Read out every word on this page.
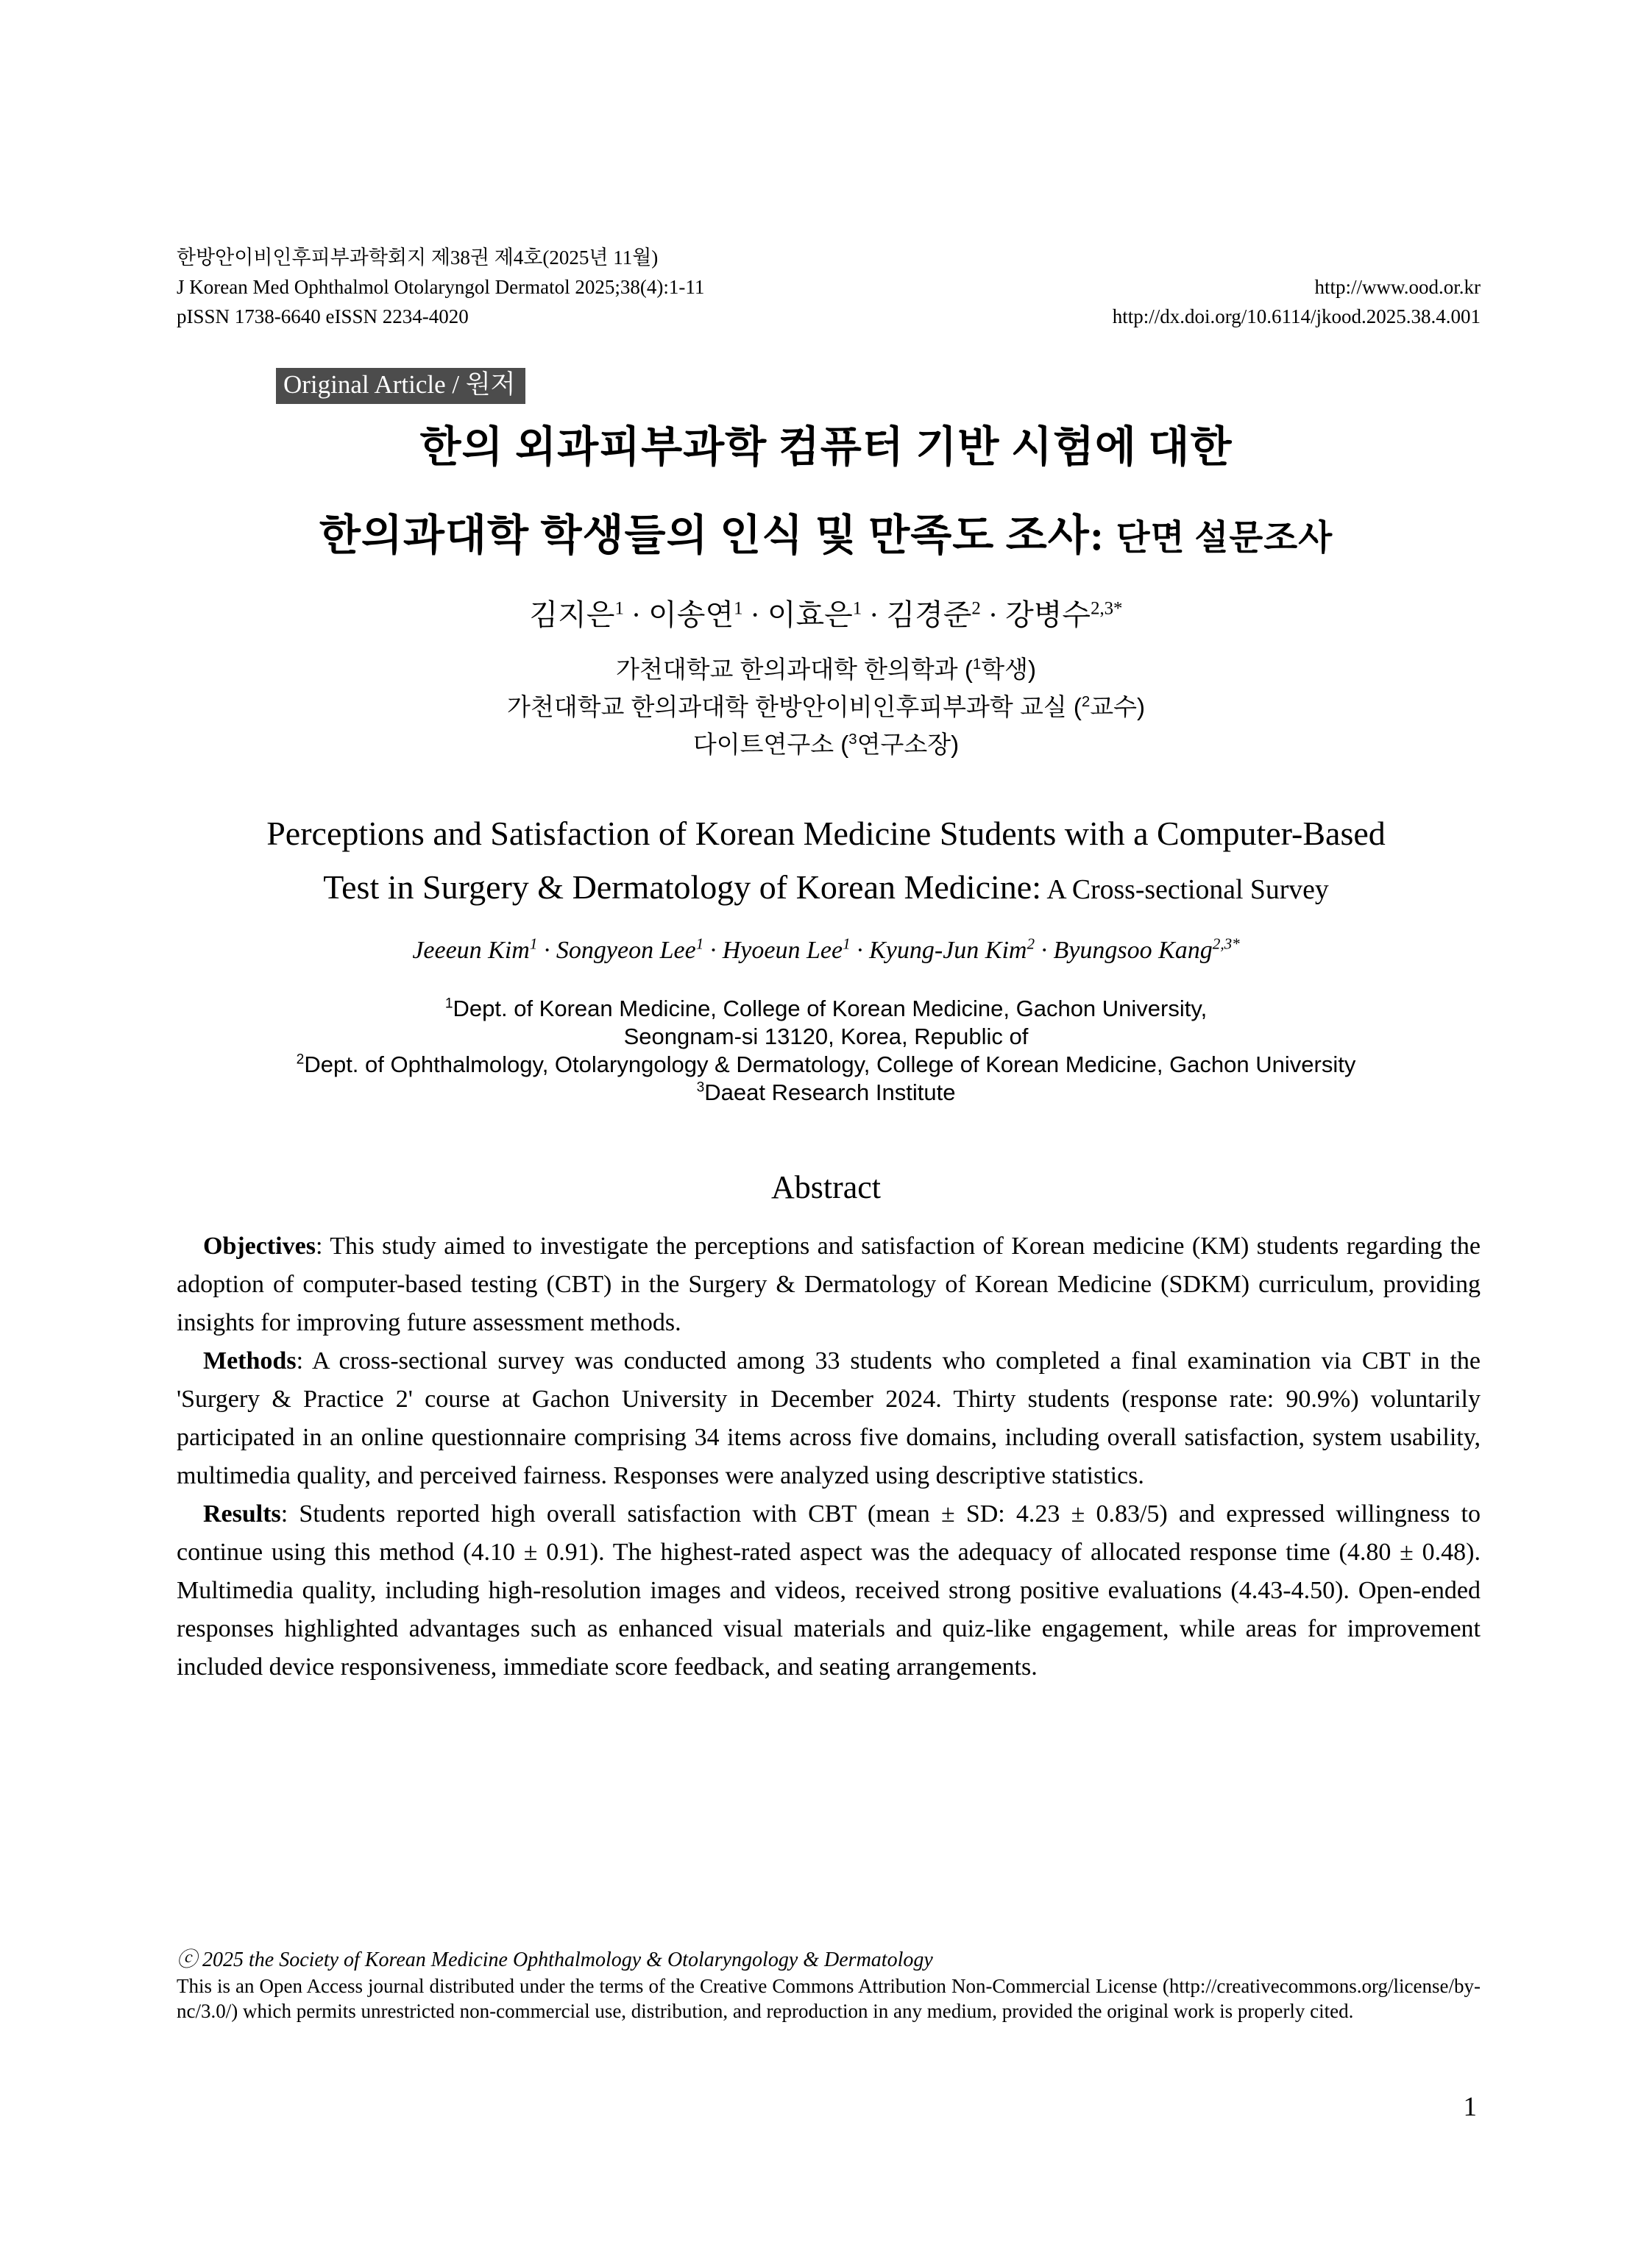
한방안이비인후피부과학회지 제38권 제4호(2025년 11월)
J Korean Med Ophthalmol Otolaryngol Dermatol 2025;38(4):1-11	http://www.ood.or.kr
pISSN 1738-6640 eISSN 2234-4020	http://dx.doi.org/10.6114/jkood.2025.38.4.001
Original Article / 원저
한의 외과피부과학 컴퓨터 기반 시험에 대한
한의과대학 학생들의 인식 및 만족도 조사: 단면 설문조사
김지은$^1$ · 이송연$^1$ · 이효은$^1$ · 김경준$^2$ · 강병수$^{2,3*}$
가천대학교 한의과대학 한의학과 ($^1$학생)
가천대학교 한의과대학 한방안이비인후피부과학 교실 ($^2$교수)
다이트연구소 ($^3$연구소장)
Perceptions and Satisfaction of Korean Medicine Students with a Computer-Based
Test in Surgery & Dermatology of Korean Medicine: A Cross-sectional Survey
Jeeeun Kim$^1$ · Songyeon Lee$^1$ · Hyoeun Lee$^1$ · Kyung-Jun Kim$^2$ · Byungsoo Kang$^{2,3*}$
$^1$Dept. of Korean Medicine, College of Korean Medicine, Gachon University,
Seongnam-si 13120, Korea, Republic of
$^2$Dept. of Ophthalmology, Otolaryngology & Dermatology, College of Korean Medicine, Gachon University
$^3$Daeat Research Institute
Abstract

Objectives: This study aimed to investigate the perceptions and satisfaction of Korean medicine (KM) students regarding the adoption of computer-based testing (CBT) in the Surgery & Dermatology of Korean Medicine (SDKM) curriculum, providing insights for improving future assessment methods.

Methods: A cross-sectional survey was conducted among 33 students who completed a final examination via CBT in the 'Surgery & Practice 2' course at Gachon University in December 2024. Thirty students (response rate: 90.9%) voluntarily participated in an online questionnaire comprising 34 items across five domains, including overall satisfaction, system usability, multimedia quality, and perceived fairness. Responses were analyzed using descriptive statistics.

Results: Students reported high overall satisfaction with CBT (mean ± SD: 4.23 ± 0.83/5) and expressed willingness to continue using this method (4.10 ± 0.91). The highest-rated aspect was the adequacy of allocated response time (4.80 ± 0.48). Multimedia quality, including high-resolution images and videos, received strong positive evaluations (4.43-4.50). Open-ended responses highlighted advantages such as enhanced visual materials and quiz-like engagement, while areas for improvement included device responsiveness, immediate score feedback, and seating arrangements.

ⓒ 2025 the Society of Korean Medicine Ophthalmology & Otolaryngology & Dermatology
This is an Open Access journal distributed under the terms of the Creative Commons Attribution Non-Commercial License (http://creativecommons.org/license/by-nc/3.0/) which permits unrestricted non-commercial use, distribution, and reproduction in any medium, provided the original work is properly cited.
1
